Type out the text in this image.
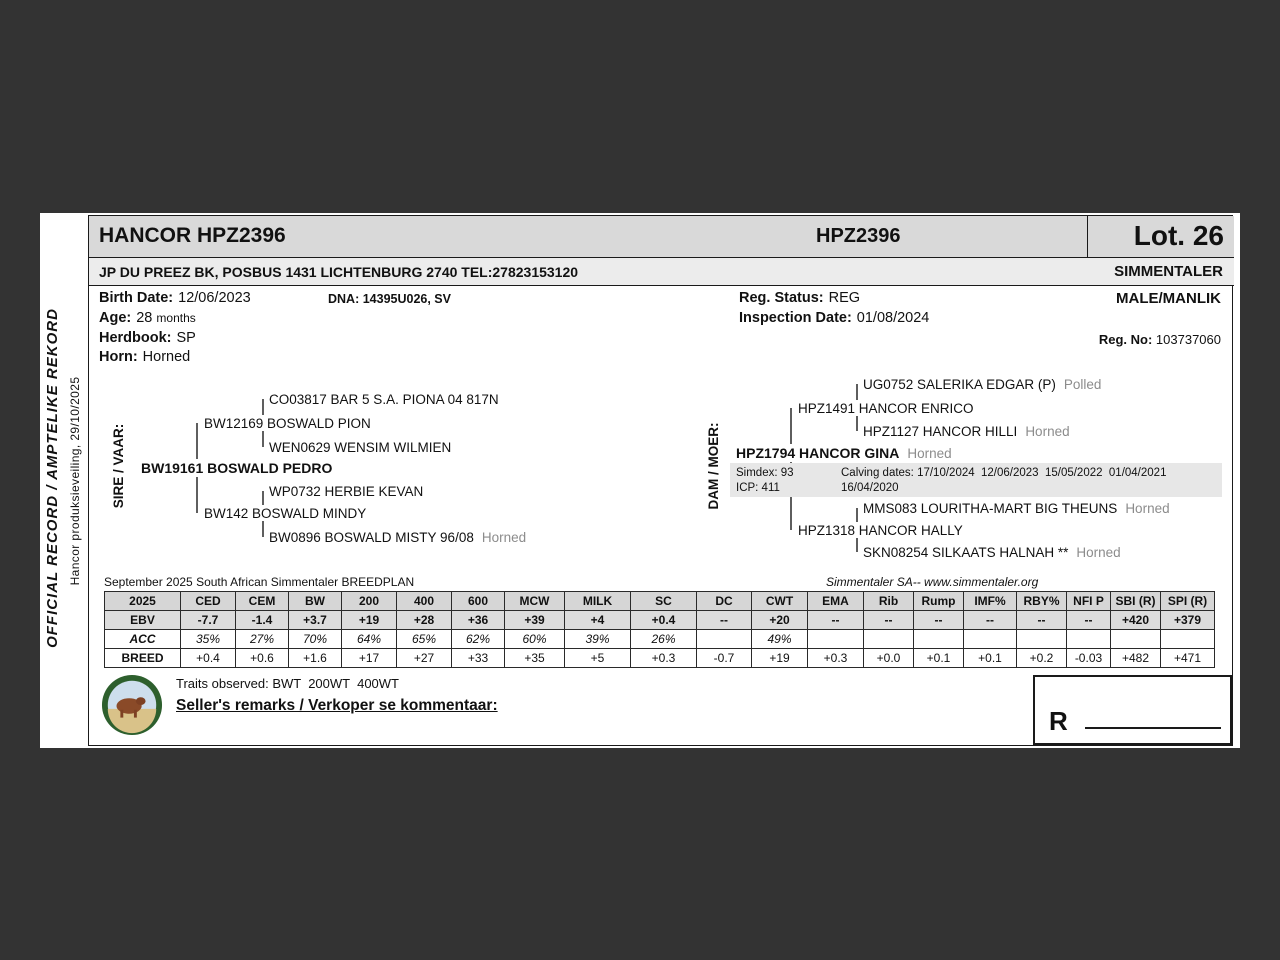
OFFICIAL RECORD / AMPTELIKE REKORD Hancor produksieveiling, 29/10/2025
HANCOR HPZ2396	HPZ2396	Lot. 26
JP DU PREEZ BK, POSBUS 1431 LICHTENBURG 2740 TEL:27823153120	SIMMENTALER
Birth Date: 12/06/2023	DNA: 14395U026, SV	Reg. Status: REG	MALE/MANLIK
Age: 28 months	Inspection Date: 01/08/2024
Herdbook: SP	Reg. No: 103737060
Horn: Horned
SIRE / VAAR:	DAM / MOER:
CO03817 BAR 5 S.A. PIONA 04 817N
BW12169 BOSWALD PION
WEN0629 WENSIM WILMIEN
BW19161 BOSWALD PEDRO
WP0732 HERBIE KEVAN
BW142 BOSWALD MINDY
BW0896 BOSWALD MISTY 96/08 Horned
UG0752 SALERIKA EDGAR (P) Polled
HPZ1491 HANCOR ENRICO
HPZ1127 HANCOR HILLI Horned
HPZ1794 HANCOR GINA Horned
Simdex: 93	Calving dates: 17/10/2024  12/06/2023  15/05/2022  01/04/2021
ICP: 411	16/04/2020
MMS083 LOURITHA-MART BIG THEUNS Horned
HPZ1318 HANCOR HALLY
SKN08254 SILKAATS HALNAH ** Horned
September 2025 South African Simmentaler BREEDPLAN	Simmentaler SA-- www.simmentaler.org
2025	CED	CEM	BW	200	400	600	MCW	MILK	SC	DC	CWT	EMA	Rib	Rump	IMF%	RBY%	NFI P	SBI (R)	SPI (R)
EBV	-7.7	-1.4	+3.7	+19	+28	+36	+39	+4	+0.4	--	+20	--	--	--	--	--	--	+420	+379
ACC	35%	27%	70%	64%	65%	62%	60%	39%	26%		49%								
BREED	+0.4	+0.6	+1.6	+17	+27	+33	+35	+5	+0.3	-0.7	+19	+0.3	+0.0	+0.1	+0.1	+0.2	-0.03	+482	+471
Traits observed: BWT  200WT  400WT
Seller's remarks / Verkoper se kommentaar:
R
